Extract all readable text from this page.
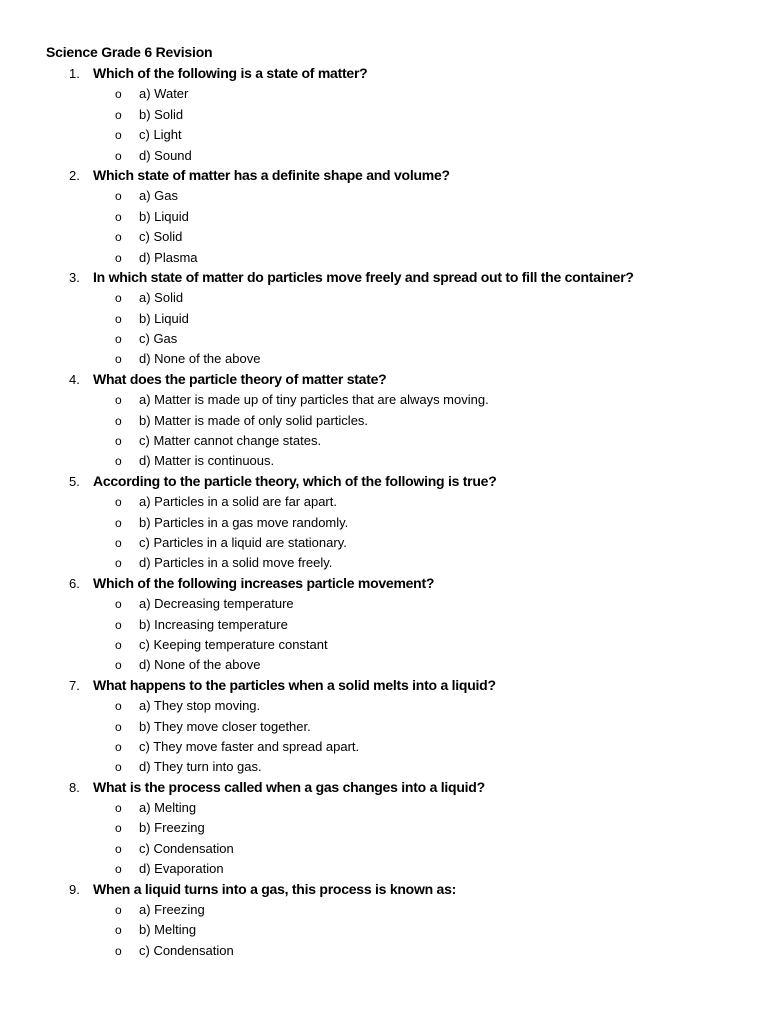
Science Grade 6 Revision
1. Which of the following is a state of matter?
o a) Water
o b) Solid
o c) Light
o d) Sound
2. Which state of matter has a definite shape and volume?
o a) Gas
o b) Liquid
o c) Solid
o d) Plasma
3. In which state of matter do particles move freely and spread out to fill the container?
o a) Solid
o b) Liquid
o c) Gas
o d) None of the above
4. What does the particle theory of matter state?
o a) Matter is made up of tiny particles that are always moving.
o b) Matter is made of only solid particles.
o c) Matter cannot change states.
o d) Matter is continuous.
5. According to the particle theory, which of the following is true?
o a) Particles in a solid are far apart.
o b) Particles in a gas move randomly.
o c) Particles in a liquid are stationary.
o d) Particles in a solid move freely.
6. Which of the following increases particle movement?
o a) Decreasing temperature
o b) Increasing temperature
o c) Keeping temperature constant
o d) None of the above
7. What happens to the particles when a solid melts into a liquid?
o a) They stop moving.
o b) They move closer together.
o c) They move faster and spread apart.
o d) They turn into gas.
8. What is the process called when a gas changes into a liquid?
o a) Melting
o b) Freezing
o c) Condensation
o d) Evaporation
9. When a liquid turns into a gas, this process is known as:
o a) Freezing
o b) Melting
o c) Condensation
